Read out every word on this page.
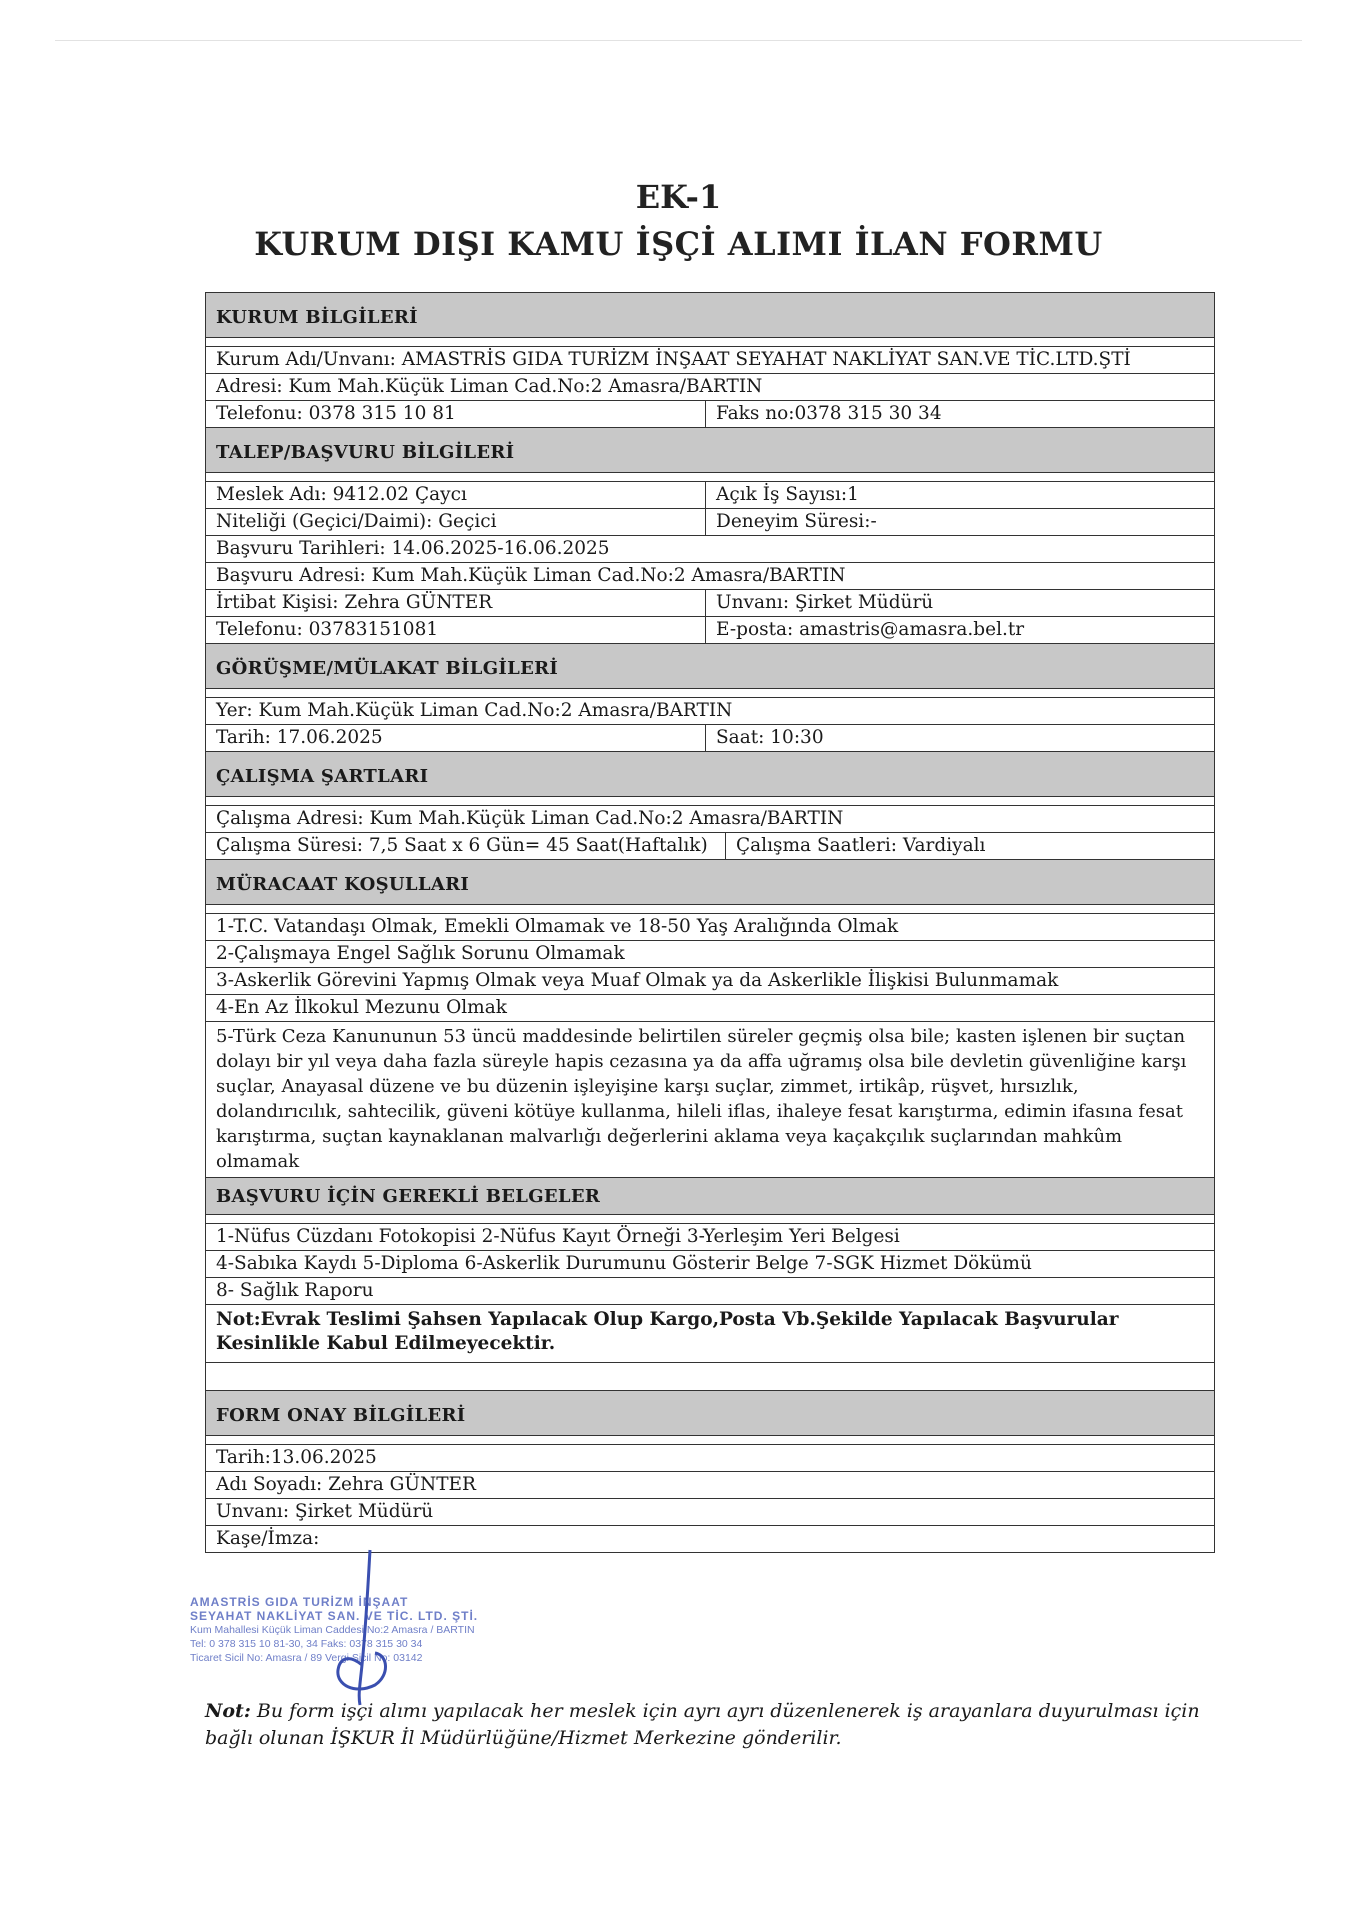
EK-1
KURUM DIŞI KAMU İŞÇİ ALIMI İLAN FORMU
KURUM BİLGİLERİ
Kurum Adı/Unvanı: AMASTRİS GIDA TURİZM İNŞAAT SEYAHAT NAKLİYAT SAN.VE TİC.LTD.ŞTİ
Adresi: Kum Mah.Küçük Liman Cad.No:2 Amasra/BARTIN
Telefonu: 0378 315 10 81	Faks no:0378 315 30 34
TALEP/BAŞVURU BİLGİLERİ
Meslek Adı: 9412.02 Çaycı	Açık İş Sayısı:1
Niteliği (Geçici/Daimi): Geçici	Deneyim Süresi:-
Başvuru Tarihleri: 14.06.2025-16.06.2025
Başvuru Adresi: Kum Mah.Küçük Liman Cad.No:2 Amasra/BARTIN
İrtibat Kişisi: Zehra GÜNTER	Unvanı: Şirket Müdürü
Telefonu: 03783151081	E-posta: amastris@amasra.bel.tr
GÖRÜŞME/MÜLAKAT BİLGİLERİ
Yer: Kum Mah.Küçük Liman Cad.No:2 Amasra/BARTIN
Tarih: 17.06.2025	Saat: 10:30
ÇALIŞMA ŞARTLARI
Çalışma Adresi: Kum Mah.Küçük Liman Cad.No:2 Amasra/BARTIN
Çalışma Süresi: 7,5 Saat x 6 Gün= 45 Saat(Haftalık)	Çalışma Saatleri: Vardiyalı
MÜRACAAT KOŞULLARI
1-T.C. Vatandaşı Olmak, Emekli Olmamak ve 18-50 Yaş Aralığında Olmak
2-Çalışmaya Engel Sağlık Sorunu Olmamak
3-Askerlik Görevini Yapmış Olmak veya Muaf Olmak ya da Askerlikle İlişkisi Bulunmamak
4-En Az İlkokul Mezunu Olmak
5-Türk Ceza Kanununun 53 üncü maddesinde belirtilen süreler geçmiş olsa bile; kasten işlenen bir suçtan dolayı bir yıl veya daha fazla süreyle hapis cezasına ya da affa uğramış olsa bile devletin güvenliğine karşı suçlar, Anayasal düzene ve bu düzenin işleyişine karşı suçlar, zimmet, irtikâp, rüşvet, hırsızlık, dolandırıcılık, sahtecilik, güveni kötüye kullanma, hileli iflas, ihaleye fesat karıştırma, edimin ifasına fesat karıştırma, suçtan kaynaklanan malvarlığı değerlerini aklama veya kaçakçılık suçlarından mahkûm olmamak
BAŞVURU İÇİN GEREKLİ BELGELER
1-Nüfus Cüzdanı Fotokopisi 2-Nüfus Kayıt Örneği 3-Yerleşim Yeri Belgesi
4-Sabıka Kaydı 5-Diploma 6-Askerlik Durumunu Gösterir Belge 7-SGK Hizmet Dökümü
8- Sağlık Raporu
Not:Evrak Teslimi Şahsen Yapılacak Olup Kargo,Posta Vb.Şekilde Yapılacak Başvurular Kesinlikle Kabul Edilmeyecektir.
FORM ONAY BİLGİLERİ
Tarih:13.06.2025
Adı Soyadı: Zehra GÜNTER
Unvanı: Şirket Müdürü
Kaşe/İmza:
AMASTRİS GIDA TURİZM İNŞAAT
SEYAHAT NAKLİYAT SAN. VE TİC. LTD. ŞTİ.
Kum Mahallesi Küçük Liman Caddesi No:2 Amasra / BARTIN
Tel: 0 378 315 10 81-30, 34 Faks: 0378 315 30 34
Ticaret Sicil No: Amasra / 89 Vergi Sicil No: 03142
Not: Bu form işçi alımı yapılacak her meslek için ayrı ayrı düzenlenerek iş arayanlara duyurulması için bağlı olunan İŞKUR İl Müdürlüğüne/Hizmet Merkezine gönderilir.
